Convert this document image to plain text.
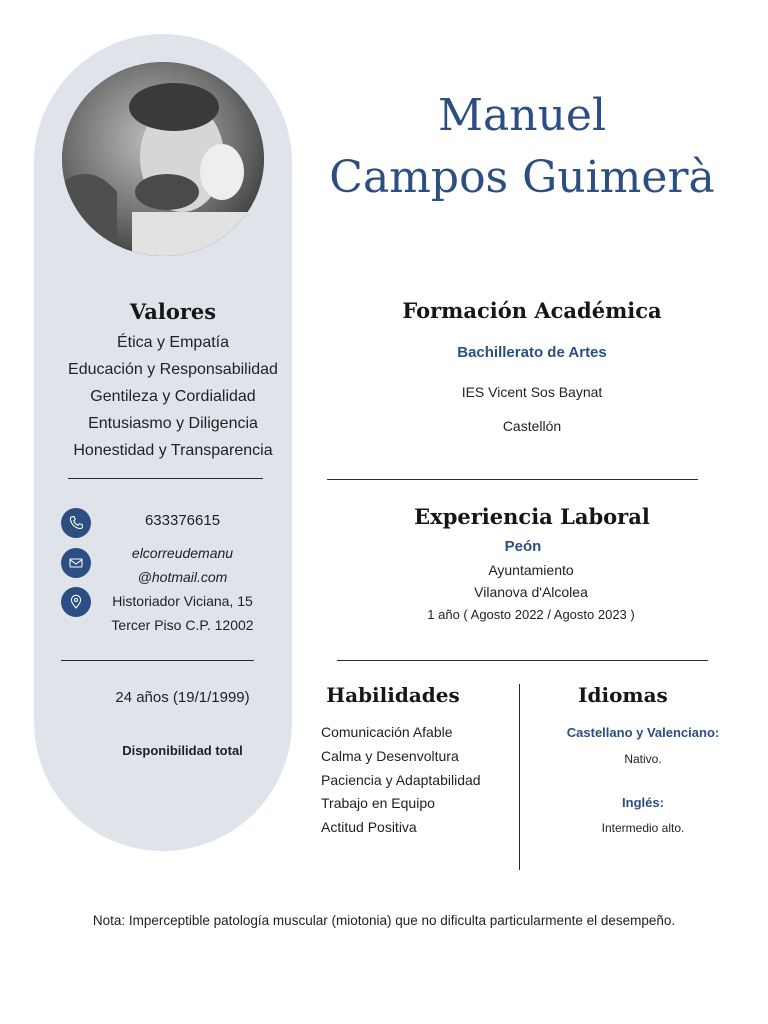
Manuel
Campos Guimerà
Valores
Ética y Empatía
Educación y Responsabilidad
Gentileza y Cordialidad
Entusiasmo y Diligencia
Honestidad y Transparencia
633376615
elcorreudemanu
@hotmail.com
Historiador Viciana, 15
Tercer Piso C.P. 12002
24 años (19/1/1999)
Disponibilidad total
Formación Académica
Bachillerato de Artes
IES Vicent Sos Baynat
Castellón
Experiencia Laboral
Peón
Ayuntamiento
Vilanova d'Alcolea
1 año ( Agosto 2022 / Agosto 2023 )
Habilidades
Comunicación Afable
Calma y Desenvoltura
Paciencia y Adaptabilidad
Trabajo en Equipo
Actitud Positiva
Idiomas
Castellano y Valenciano:
Nativo.
Inglés:
Intermedio alto.
Nota: Imperceptible patología muscular (miotonia) que no dificulta particularmente el desempeño.
